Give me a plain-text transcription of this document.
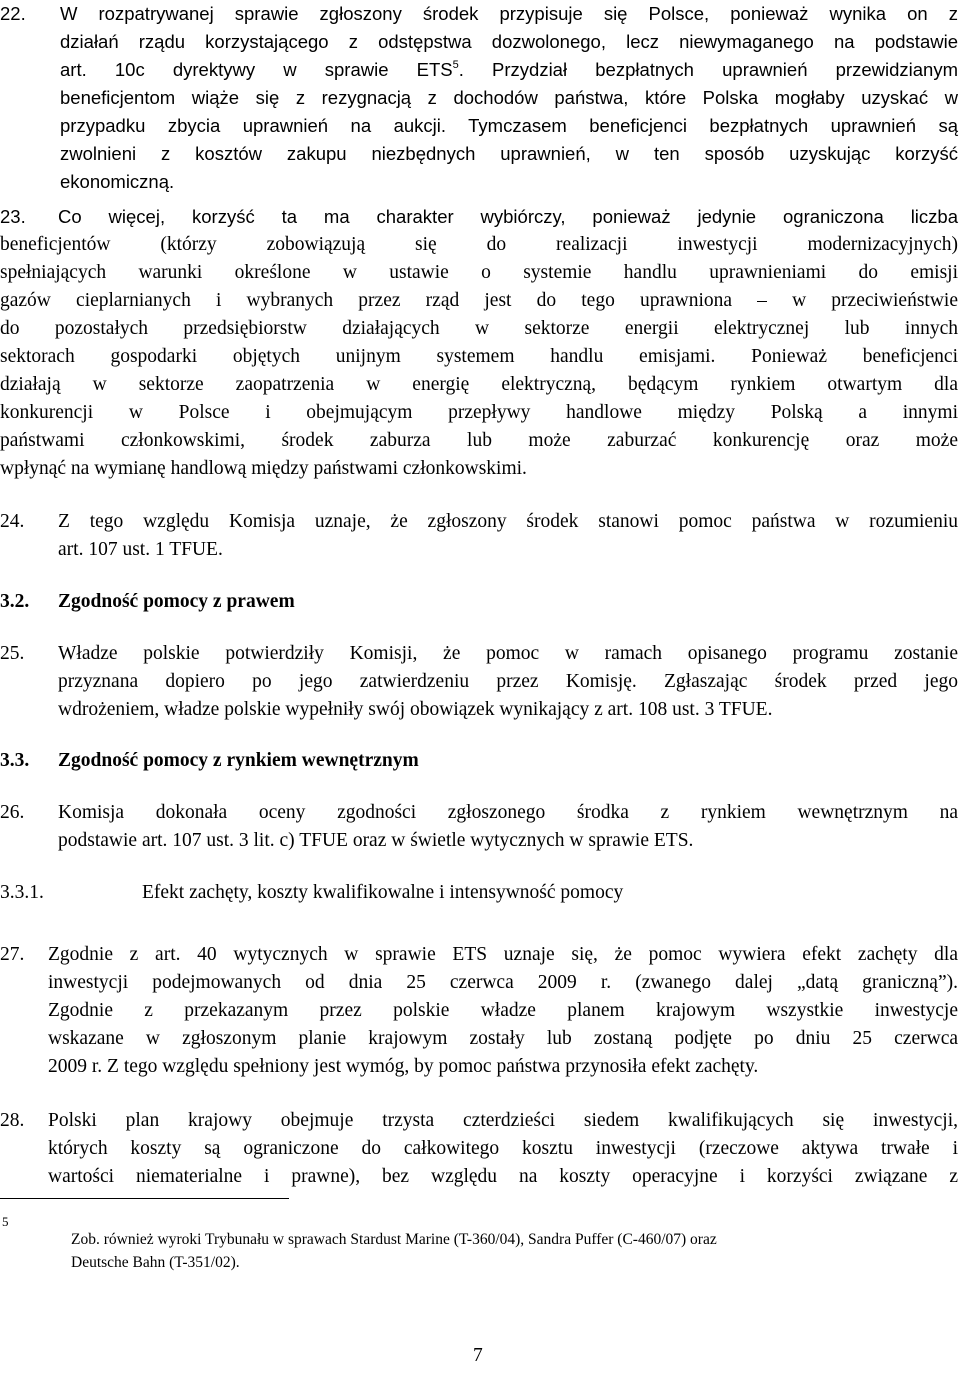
22. W rozpatrywanej sprawie zgłoszony środek przypisuje się Polsce, ponieważ wynika on z
działań rządu korzystającego z odstępstwa dozwolonego, lecz niewymaganego na podstawie
art. 10c dyrektywy w sprawie ETS$^5$. Przydział bezpłatnych uprawnień przewidzianym
beneficjentom wiąże się z rezygnacją z dochodów państwa, które Polska mogłaby uzyskać w
przypadku zbycia uprawnień na aukcji. Tymczasem beneficjenci bezpłatnych uprawnień są
zwolnieni z kosztów zakupu niezbędnych uprawnień, w ten sposób uzyskując korzyść
ekonomiczną.
23. Co więcej, korzyść ta ma charakter wybiórczy, ponieważ jedynie ograniczona liczba
beneficjentów (którzy zobowiązują się do realizacji inwestycji modernizacyjnych)
spełniających warunki określone w ustawie o systemie handlu uprawnieniami do emisji
gazów cieplarnianych i wybranych przez rząd jest do tego uprawniona – w przeciwieństwie
do pozostałych przedsiębiorstw działających w sektorze energii elektrycznej lub innych
sektorach gospodarki objętych unijnym systemem handlu emisjami. Ponieważ beneficjenci
działają w sektorze zaopatrzenia w energię elektryczną, będącym rynkiem otwartym dla
konkurencji w Polsce i obejmującym przepływy handlowe między Polską a innymi
państwami członkowskimi, środek zaburza lub może zaburzać konkurencję oraz może
wpłynąć na wymianę handlową między państwami członkowskimi.
24. Z tego względu Komisja uznaje, że zgłoszony środek stanowi pomoc państwa w rozumieniu
art. 107 ust. 1 TFUE.
3.2. Zgodność pomocy z prawem
25. Władze polskie potwierdziły Komisji, że pomoc w ramach opisanego programu zostanie
przyznana dopiero po jego zatwierdzeniu przez Komisję. Zgłaszając środek przed jego
wdrożeniem, władze polskie wypełniły swój obowiązek wynikający z art. 108 ust. 3 TFUE.
3.3. Zgodność pomocy z rynkiem wewnętrznym
26. Komisja dokonała oceny zgodności zgłoszonego środka z rynkiem wewnętrznym na
podstawie art. 107 ust. 3 lit. c) TFUE oraz w świetle wytycznych w sprawie ETS.
3.3.1.	Efekt zachęty, koszty kwalifikowalne i intensywność pomocy
27. Zgodnie z art. 40 wytycznych w sprawie ETS uznaje się, że pomoc wywiera efekt zachęty dla
inwestycji podejmowanych od dnia 25 czerwca 2009 r. (zwanego dalej „datą graniczną”).
Zgodnie z przekazanym przez polskie władze planem krajowym wszystkie inwestycje
wskazane w zgłoszonym planie krajowym zostały lub zostaną podjęte po dniu 25 czerwca
2009 r. Z tego względu spełniony jest wymóg, by pomoc państwa przynosiła efekt zachęty.
28. Polski plan krajowy obejmuje trzysta czterdzieści siedem kwalifikujących się inwestycji,
których koszty są ograniczone do całkowitego kosztu inwestycji (rzeczowe aktywa trwałe i
wartości niematerialne i prawne), bez względu na koszty operacyjne i korzyści związane z
5
Zob. również wyroki Trybunału w sprawach Stardust Marine (T-360/04), Sandra Puffer (C-460/07) oraz
Deutsche Bahn (T-351/02).
7
